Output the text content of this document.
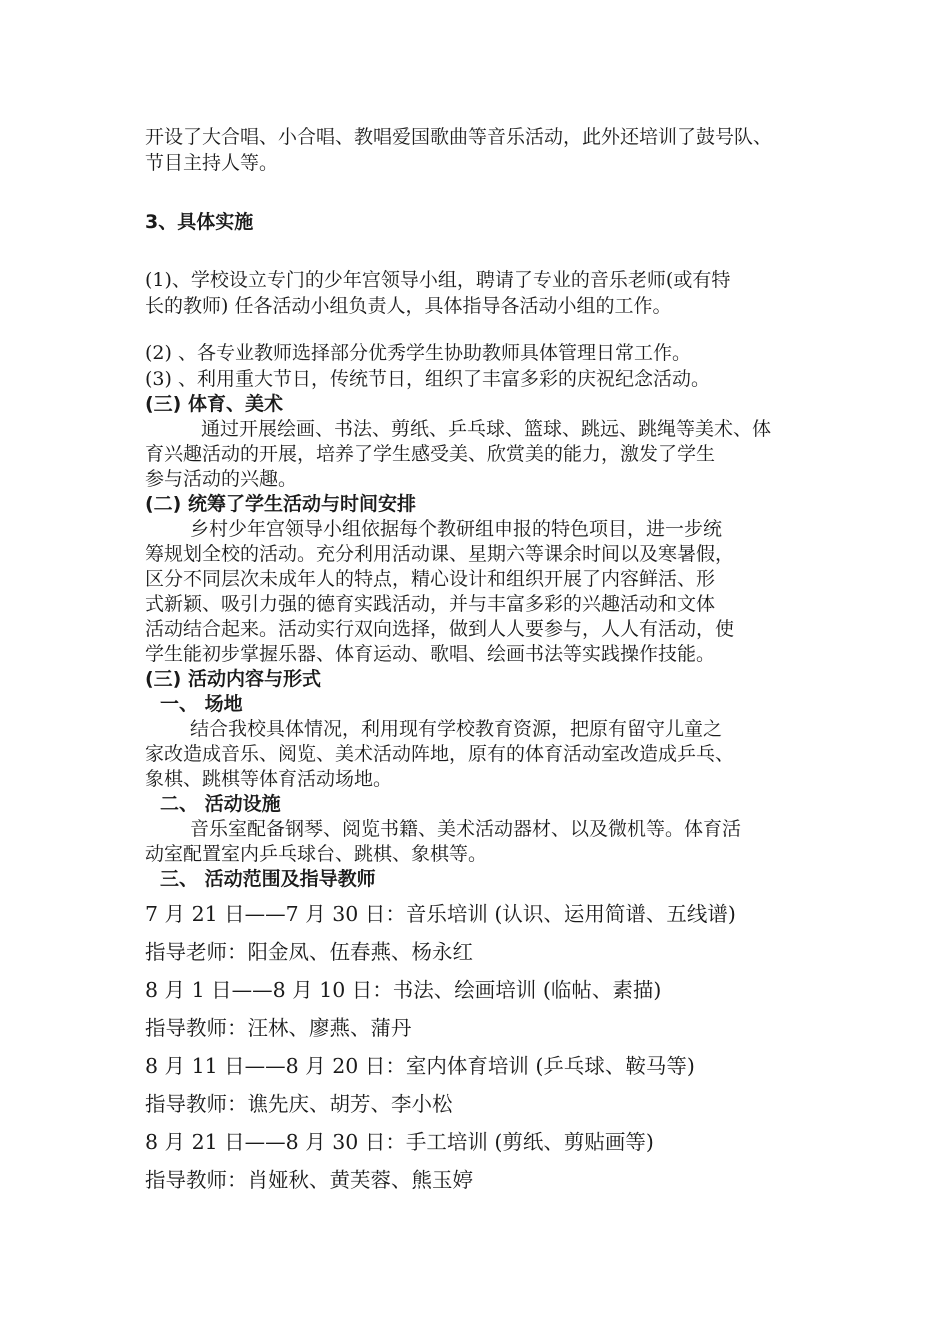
开设了大合唱、小合唱、教唱爱国歌曲等音乐活动，此外还培训了鼓号队、
节目主持人等。
3、具体实施
(1)、学校设立专门的少年宫领导小组，聘请了专业的音乐老师(或有特
长的教师) 任各活动小组负责人，具体指导各活动小组的工作。
(2) 、各专业教师选择部分优秀学生协助教师具体管理日常工作。
(3) 、利用重大节日，传统节日，组织了丰富多彩的庆祝纪念活动。
(三) 体育、美术
通过开展绘画、书法、剪纸、乒乓球、篮球、跳远、跳绳等美术、体
育兴趣活动的开展，培养了学生感受美、欣赏美的能力，激发了学生
参与活动的兴趣。
(二) 统筹了学生活动与时间安排
乡村少年宫领导小组依据每个教研组申报的特色项目，进一步统
筹规划全校的活动。充分利用活动课、星期六等课余时间以及寒暑假，
区分不同层次未成年人的特点，精心设计和组织开展了内容鲜活、形
式新颖、吸引力强的德育实践活动，并与丰富多彩的兴趣活动和文体
活动结合起来。活动实行双向选择，做到人人要参与，人人有活动，使
学生能初步掌握乐器、体育运动、歌唱、绘画书法等实践操作技能。
(三) 活动内容与形式
一、 场地
结合我校具体情况，利用现有学校教育资源，把原有留守儿童之
家改造成音乐、阅览、美术活动阵地，原有的体育活动室改造成乒乓、
象棋、跳棋等体育活动场地。
二、 活动设施
音乐室配备钢琴、阅览书籍、美术活动器材、以及微机等。体育活
动室配置室内乒乓球台、跳棋、象棋等。
三、 活动范围及指导教师
7 月 21 日——7 月 30 日：音乐培训 (认识、运用简谱、五线谱)
指导老师：阳金凤、伍春燕、杨永红
8 月 1 日——8 月 10 日：书法、绘画培训 (临帖、素描)
指导教师：汪林、廖燕、蒲丹
8 月 11 日——8 月 20 日：室内体育培训 (乒乓球、鞍马等)
指导教师：谯先庆、胡芳、李小松
8 月 21 日——8 月 30 日：手工培训 (剪纸、剪贴画等)
指导教师：肖娅秋、黄芙蓉、熊玉婷
